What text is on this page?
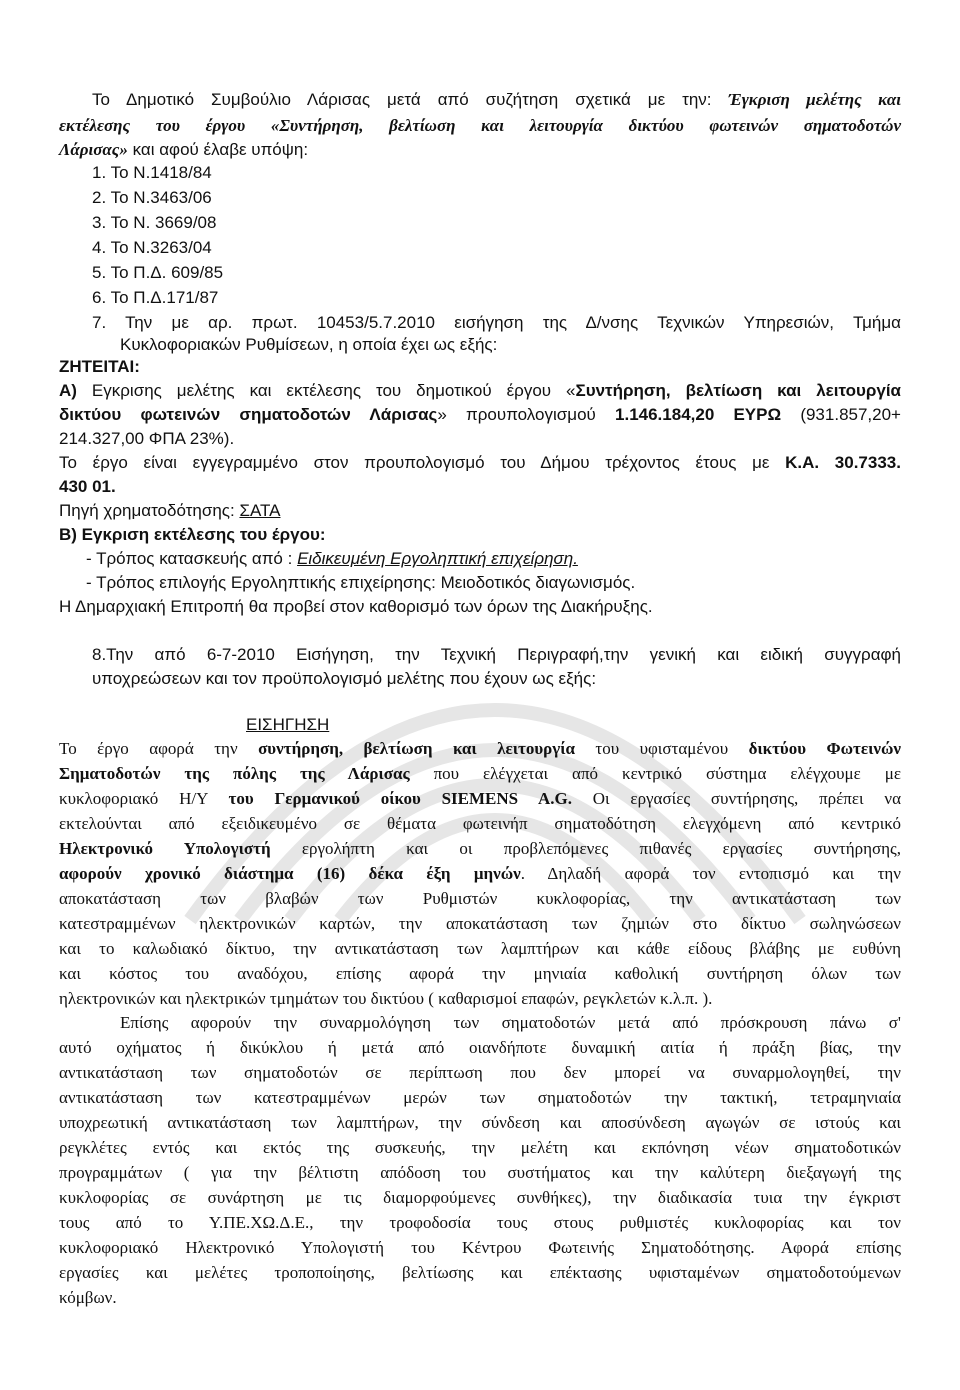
Το Δημοτικό Συμβούλιο Λάρισας μετά από συζήτηση σχετικά με την: Έγκριση μελέτης και
εκτέλεσης του έργου «Συντήρηση, βελτίωση και λειτουργία δικτύου φωτεινών σηματοδοτών
Λάρισας» και αφού έλαβε υπόψη:
1. Το Ν.1418/84
2. Το Ν.3463/06
3. Το Ν. 3669/08
4. Το Ν.3263/04
5. Το Π.Δ. 609/85
6. Το Π.Δ.171/87
7. Την με αρ. πρωτ. 10453/5.7.2010 εισήγηση της Δ/νσης Τεχνικών Υπηρεσιών, Τμήμα
Κυκλοφοριακών Ρυθμίσεων, η οποία έχει ως εξής:
ΖΗΤΕΙΤΑΙ:
Α) Εγκρισης μελέτης και εκτέλεσης του δημοτικού έργου «Συντήρηση, βελτίωση και λειτουργία
δικτύου φωτεινών σηματοδοτών Λάρισας» προυπολογισμού 1.146.184,20 ΕΥΡΩ (931.857,20+
214.327,00 ΦΠΑ 23%).
Το έργο είναι εγγεγραμμένο στον προυπολογισμό του Δήμου τρέχοντος έτους με Κ.Α. 30.7333.
430 01.
Πηγή χρηματοδότησης: ΣΑΤΑ
Β) Εγκριση εκτέλεσης του έργου:
- Τρόπος κατασκευής από : Ειδικευμένη Εργοληπτική επιχείρηση.
- Τρόπος επιλογής Εργοληπτικής επιχείρησης: Μειοδοτικός διαγωνισμός.
Η Δημαρχιακή Επιτροπή θα προβεί στον καθορισμό των όρων της Διακήρυξης.
8.Την από 6-7-2010 Εισήγηση, την Τεχνική Περιγραφή,την γενική και ειδική συγγραφή
υποχρεώσεων και τον προϋπολογισμό μελέτης που έχουν ως εξής:
ΕΙΣΗΓΗΣΗ
Το έργο αφορά την συντήρηση, βελτίωση και λειτουργία του υφισταμένου δικτύου Φωτεινών
Σηματοδοτών της πόλης της Λάρισας που ελέγχεται από κεντρικό σύστημα ελέγχουμε με
κυκλοφοριακό Η/Υ του Γερμανικού οίκου SIEMENS A.G. Οι εργασίες συντήρησης, πρέπει να
εκτελούνται από εξειδικευμένο σε θέματα φωτεινήπ σηματοδότηση ελεγχόμενη από κεντρικό
Ηλεκτρονικό Υπολογιστή εργολήπτη και οι προβλεπόμενες πιθανές εργασίες συντήρησης,
αφορούν χρονικό διάστημα (16) δέκα έξη μηνών. Δηλαδή αφορά τον εντοπισμό και την
αποκατάσταση των βλαβών των Ρυθμιστών κυκλοφορίας, την αντικατάσταση των
κατεστραμμένων ηλεκτρονικών καρτών, την αποκατάσταση των ζημιών στο δίκτυο σωληνώσεων
και το καλωδιακό δίκτυο, την αντικατάσταση των λαμπτήρων και κάθε είδους βλάβης με ευθύνη
και κόστος του αναδόχου, επίσης αφορά την μηνιαία καθολική συντήρηση όλων των
ηλεκτρονικών και ηλεκτρικών τμημάτων του δικτύου ( καθαρισμοί επαφών, ρεγκλετών κ.λ.π. ).
Επίσης αφορούν την συναρμολόγηση των σηματοδοτών μετά από πρόσκρουση πάνω σ'
αυτό οχήματος ή δικύκλου ή μετά από οιανδήποτε δυναμική αιτία ή πράξη βίας, την
αντικατάσταση των σηματοδοτών σε περίπτωση που δεν μπορεί να συναρμολογηθεί, την
αντικατάσταση των κατεστραμμένων μερών των σηματοδοτών την τακτική, τετραμηνιαία
υποχρεωτική αντικατάσταση των λαμπτήρων, την σύνδεση και αποσύνδεση αγωγών σε ιστούς και
ρεγκλέτες εντός και εκτός της συσκευής, την μελέτη και εκπόνηση νέων σηματοδοτικών
προγραμμάτων ( για την βέλτιστη απόδοση του συστήματος και την καλύτερη διεξαγωγή της
κυκλοφορίας σε συνάρτηση με τις διαμορφούμενες συνθήκες), την διαδικασία τυια την έγκριστ
τους από το Υ.ΠΕ.ΧΩ.Δ.Ε., την τροφοδοσία τους στους ρυθμιστές κυκλοφορίας και τον
κυκλοφοριακό Ηλεκτρονικό Υπολογιστή του Κέντρου Φωτεινής Σηματοδότησης. Αφορά επίσης
εργασίες και μελέτες τροποποίησης, βελτίωσης και επέκτασης υφισταμένων σηματοδοτούμενων
κόμβων.
